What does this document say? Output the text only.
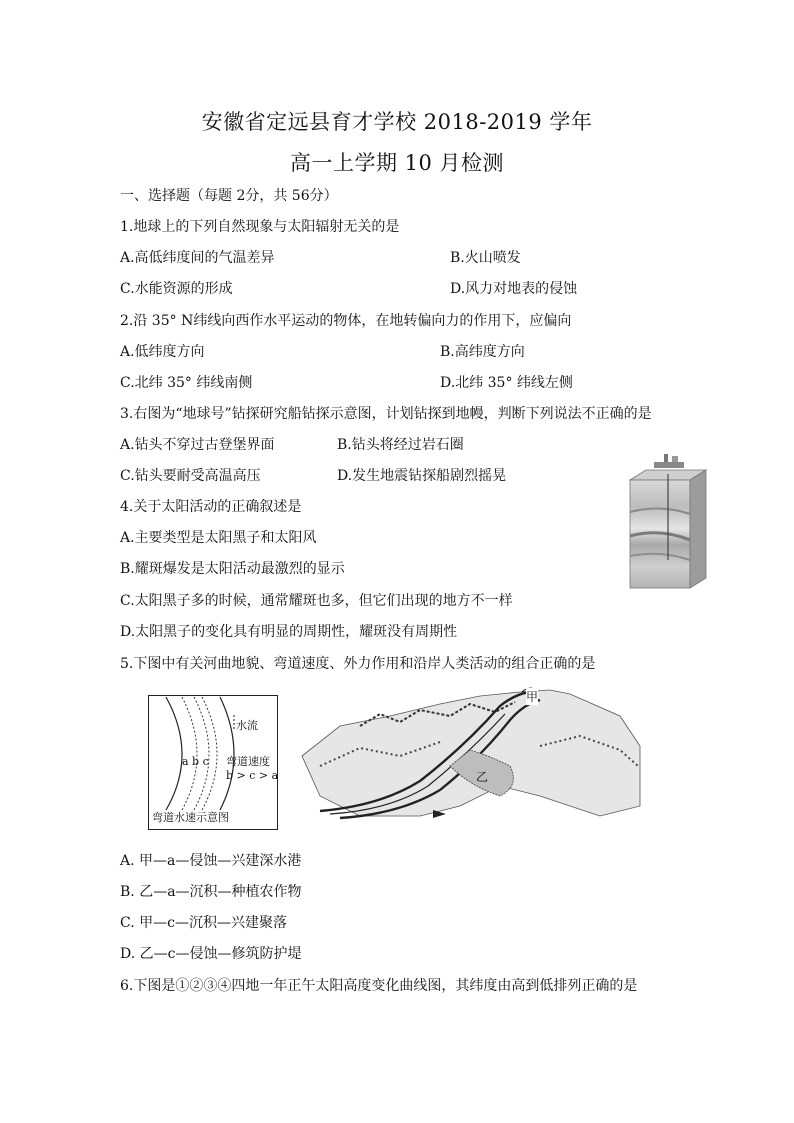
安徽省定远县育才学校 2018-2019 学年
高一上学期 10 月检测
一、选择题（每题 2分，共 56分）
1.地球上的下列自然现象与太阳辐射无关的是
A.高低纬度间的气温差异	B.火山喷发
C.水能资源的形成	D.风力对地表的侵蚀
2.沿 35° N纬线向西作水平运动的物体，在地转偏向力的作用下，应偏向
A.低纬度方向	B.高纬度方向
C.北纬 35° 纬线南侧	D.北纬 35° 纬线左侧
3.右图为“地球号”钻探研究船钻探示意图，计划钻探到地幔，判断下列说法不正确的是
A.钻头不穿过古登堡界面	B.钻头将经过岩石圈
C.钻头要耐受高温高压	D.发生地震钻探船剧烈摇晃
4.关于太阳活动的正确叙述是
A.主要类型是太阳黑子和太阳风
B.耀斑爆发是太阳活动最激烈的显示
C.太阳黑子多的时候，通常耀斑也多，但它们出现的地方不一样
D.太阳黑子的变化具有明显的周期性，耀斑没有周期性
5.下图中有关河曲地貌、弯道速度、外力作用和沿岸人类活动的组合正确的是
水流
a b c 弯道速度
b > c > a
弯道水速示意图
甲
乙
A. 甲—a—侵蚀—兴建深水港
B. 乙—a—沉积—种植农作物
C. 甲—c—沉积—兴建聚落
D. 乙—c—侵蚀—修筑防护堤
6.下图是①②③④四地一年正午太阳高度变化曲线图，其纬度由高到低排列正确的是
